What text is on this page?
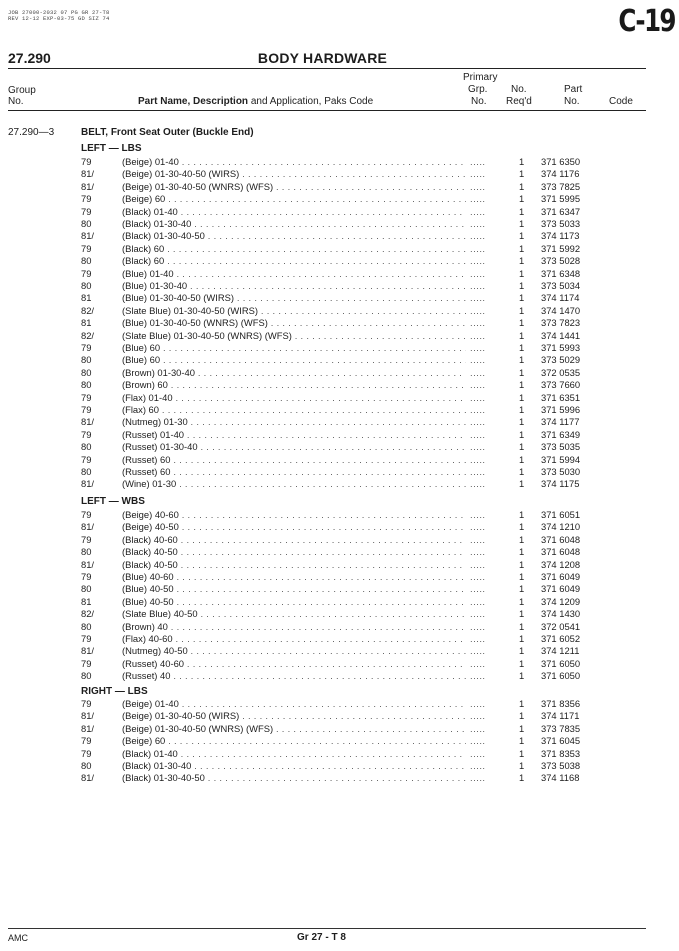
JOB 27000-2032 07 PG GR 27-T8
REV 12-12 EXP-03-75 GD SIZ 74	C-19
27.290	BODY HARDWARE
Group
No.	Part Name, Description and Application, Paks Code
Primary
Grp.
No.
No.
Req'd
Part
No.	Code
27.290—3	BELT, Front Seat Outer (Buckle End)
LEFT — LBS
79	(Beige) 01-40 . . .	.....	1 371 6350
81/	(Beige) 01-30-40-50 (WIRS) . . .	.....	1 374 1176
81/	(Beige) 01-30-40-50 (WNRS) (WFS) . . .	.....	1 373 7825
79	(Beige) 60 . . .	.....	1 371 5995
79	(Black) 01-40 . . .	.....	1 371 6347
80	(Black) 01-30-40 . . .	.....	1 373 5033
81/	(Black) 01-30-40-50 . . .	.....	1 374 1173
79	(Black) 60 . . .	.....	1 371 5992
80	(Black) 60 . . .	.....	1 373 5028
79	(Blue) 01-40 . . .	.....	1 371 6348
80	(Blue) 01-30-40 . . .	.....	1 373 5034
81	(Blue) 01-30-40-50 (WIRS) . . .	.....	1 374 1174
82/	(Slate Blue) 01-30-40-50 (WIRS) . . .	.....	1 374 1470
81	(Blue) 01-30-40-50 (WNRS) (WFS) . . .	.....	1 373 7823
82/	(Slate Blue) 01-30-40-50 (WNRS) (WFS) . . .	.....	1 374 1441
79	(Blue) 60 . . .	.....	1 371 5993
80	(Blue) 60 . . .	.....	1 373 5029
80	(Brown) 01-30-40 . . .	.....	1 372 0535
80	(Brown) 60 . . .	.....	1 373 7660
79	(Flax) 01-40 . . .	.....	1 371 6351
79	(Flax) 60 . . .	.....	1 371 5996
81/	(Nutmeg) 01-30 . . .	.....	1 374 1177
79	(Russet) 01-40 . . .	.....	1 371 6349
80	(Russet) 01-30-40 . . .	.....	1 373 5035
79	(Russet) 60 . . .	.....	1 371 5994
80	(Russet) 60 . . .	.....	1 373 5030
81/	(Wine) 01-30 . . .	.....	1 374 1175
LEFT — WBS
79	(Beige) 40-60 . . .	.....	1 371 6051
81/	(Beige) 40-50 . . .	.....	1 374 1210
79	(Black) 40-60 . . .	.....	1 371 6048
80	(Black) 40-50 . . .	.....	1 371 6048
81/	(Black) 40-50 . . .	.....	1 374 1208
79	(Blue) 40-60 . . .	.....	1 371 6049
80	(Blue) 40-50 . . .	.....	1 371 6049
81	(Blue) 40-50 . . .	.....	1 374 1209
82/	(Slate Blue) 40-50 . . .	.....	1 374 1430
80	(Brown) 40 . . .	.....	1 372 0541
79	(Flax) 40-60 . . .	.....	1 371 6052
81/	(Nutmeg) 40-50 . . .	.....	1 374 1211
79	(Russet) 40-60 . . .	.....	1 371 6050
80	(Russet) 40 . . .	.....	1 371 6050
RIGHT — LBS
79	(Beige) 01-40 . . .	.....	1 371 8356
81/	(Beige) 01-30-40-50 (WIRS) . . .	.....	1 374 1171
81/	(Beige) 01-30-40-50 (WNRS) (WFS) . . .	.....	1 373 7835
79	(Beige) 60 . . .	.....	1 371 6045
79	(Black) 01-40 . . .	.....	1 371 8353
80	(Black) 01-30-40 . . .	.....	1 373 5038
81/	(Black) 01-30-40-50 . . .	.....	1 374 1168
AMC	Gr 27 - T 8
